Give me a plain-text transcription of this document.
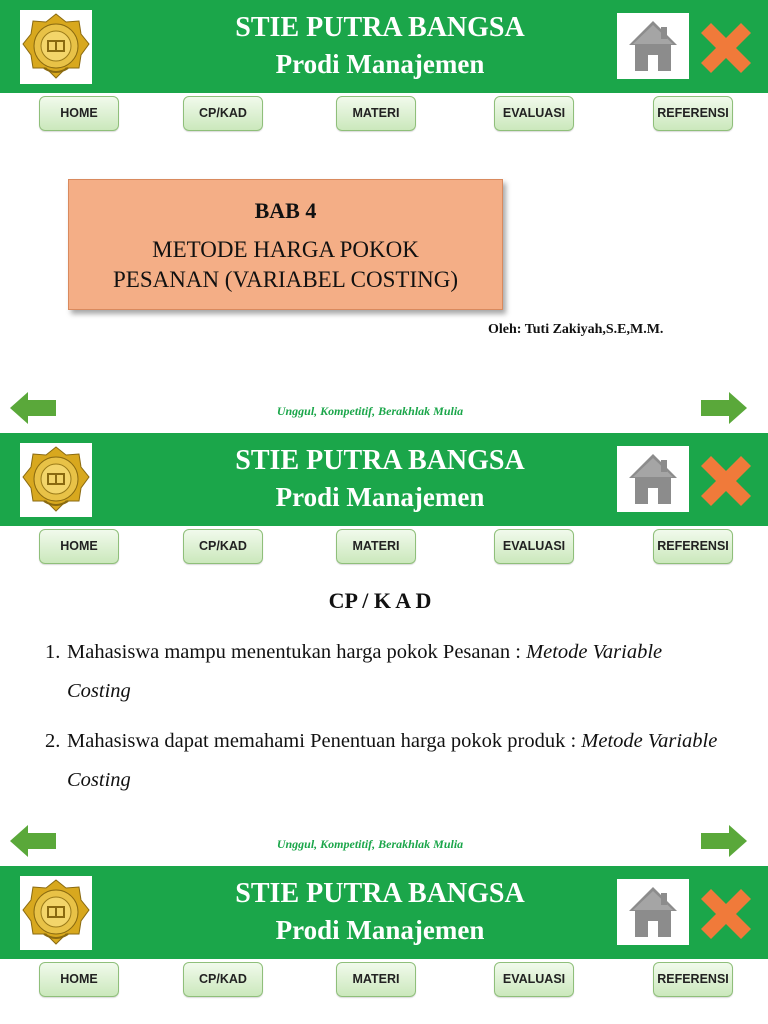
STIE PUTRA BANGSA
Prodi Manajemen
HOME	CP/KAD	MATERI	EVALUASI	REFERENSI
BAB 4
METODE HARGA POKOK
PESANAN (VARIABEL COSTING)
Oleh: Tuti Zakiyah,S.E,M.M.
Unggul, Kompetitif, Berakhlak Mulia
STIE PUTRA BANGSA
Prodi Manajemen
HOME	CP/KAD	MATERI	EVALUASI	REFERENSI
CP / K A D
1. Mahasiswa mampu menentukan harga pokok Pesanan : Metode Variable Costing
2. Mahasiswa dapat memahami Penentuan harga pokok produk : Metode Variable Costing
Unggul, Kompetitif, Berakhlak Mulia
STIE PUTRA BANGSA
Prodi Manajemen
HOME	CP/KAD	MATERI	EVALUASI	REFERENSI
